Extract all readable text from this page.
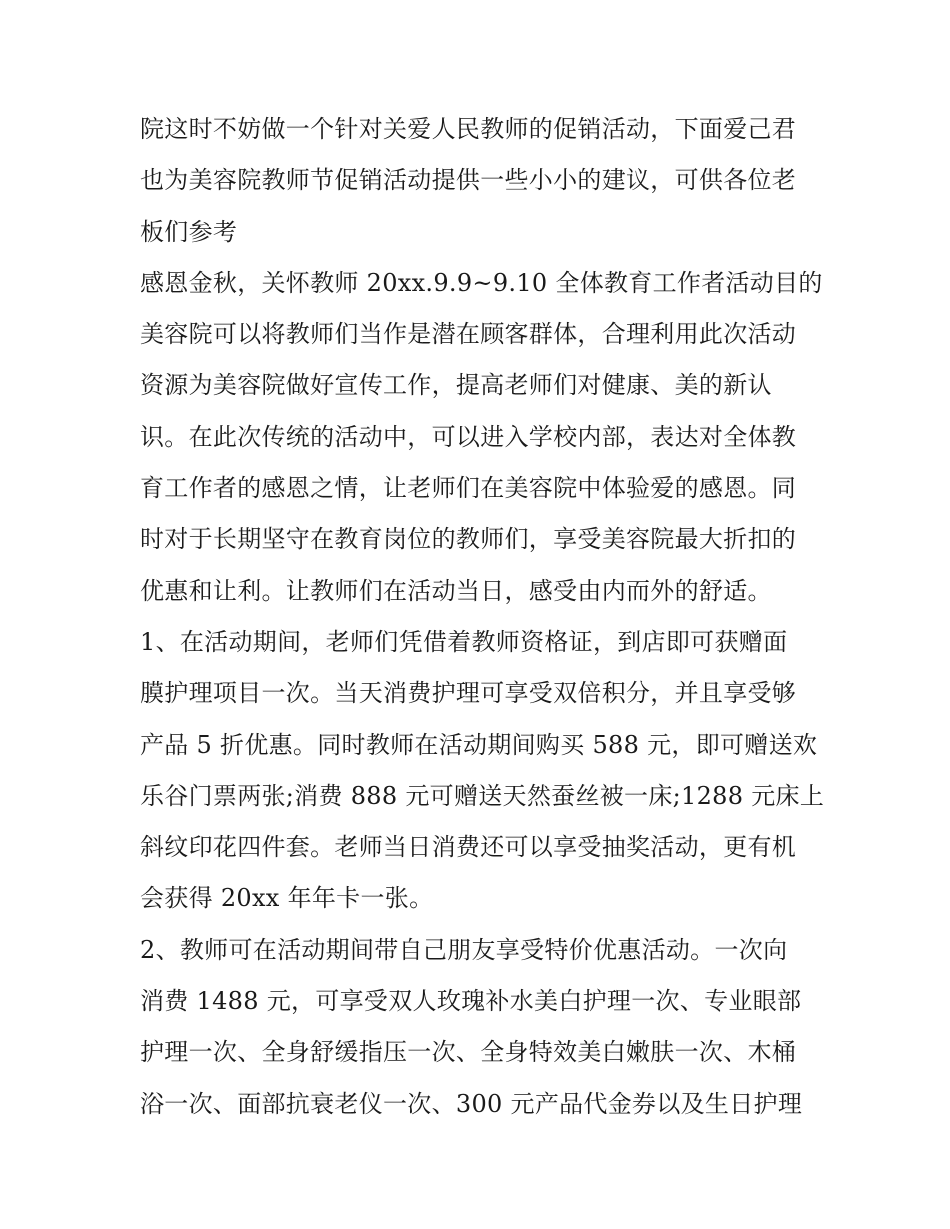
院这时不妨做一个针对关爱人民教师的促销活动，下面爱己君
也为美容院教师节促销活动提供一些小小的建议，可供各位老
板们参考
感恩金秋，关怀教师 20xx.9.9~9.10 全体教育工作者活动目的
美容院可以将教师们当作是潜在顾客群体，合理利用此次活动
资源为美容院做好宣传工作，提高老师们对健康、美的新认
识。在此次传统的活动中，可以进入学校内部，表达对全体教
育工作者的感恩之情，让老师们在美容院中体验爱的感恩。同
时对于长期坚守在教育岗位的教师们，享受美容院最大折扣的
优惠和让利。让教师们在活动当日，感受由内而外的舒适。
1、在活动期间，老师们凭借着教师资格证，到店即可获赠面
膜护理项目一次。当天消费护理可享受双倍积分，并且享受够
产品 5 折优惠。同时教师在活动期间购买 588 元，即可赠送欢
乐谷门票两张;消费 888 元可赠送天然蚕丝被一床;1288 元床上
斜纹印花四件套。老师当日消费还可以享受抽奖活动，更有机
会获得 20xx 年年卡一张。
2、教师可在活动期间带自己朋友享受特价优惠活动。一次向
消费 1488 元，可享受双人玫瑰补水美白护理一次、专业眼部
护理一次、全身舒缓指压一次、全身特效美白嫩肤一次、木桶
浴一次、面部抗衰老仪一次、300 元产品代金券以及生日护理
